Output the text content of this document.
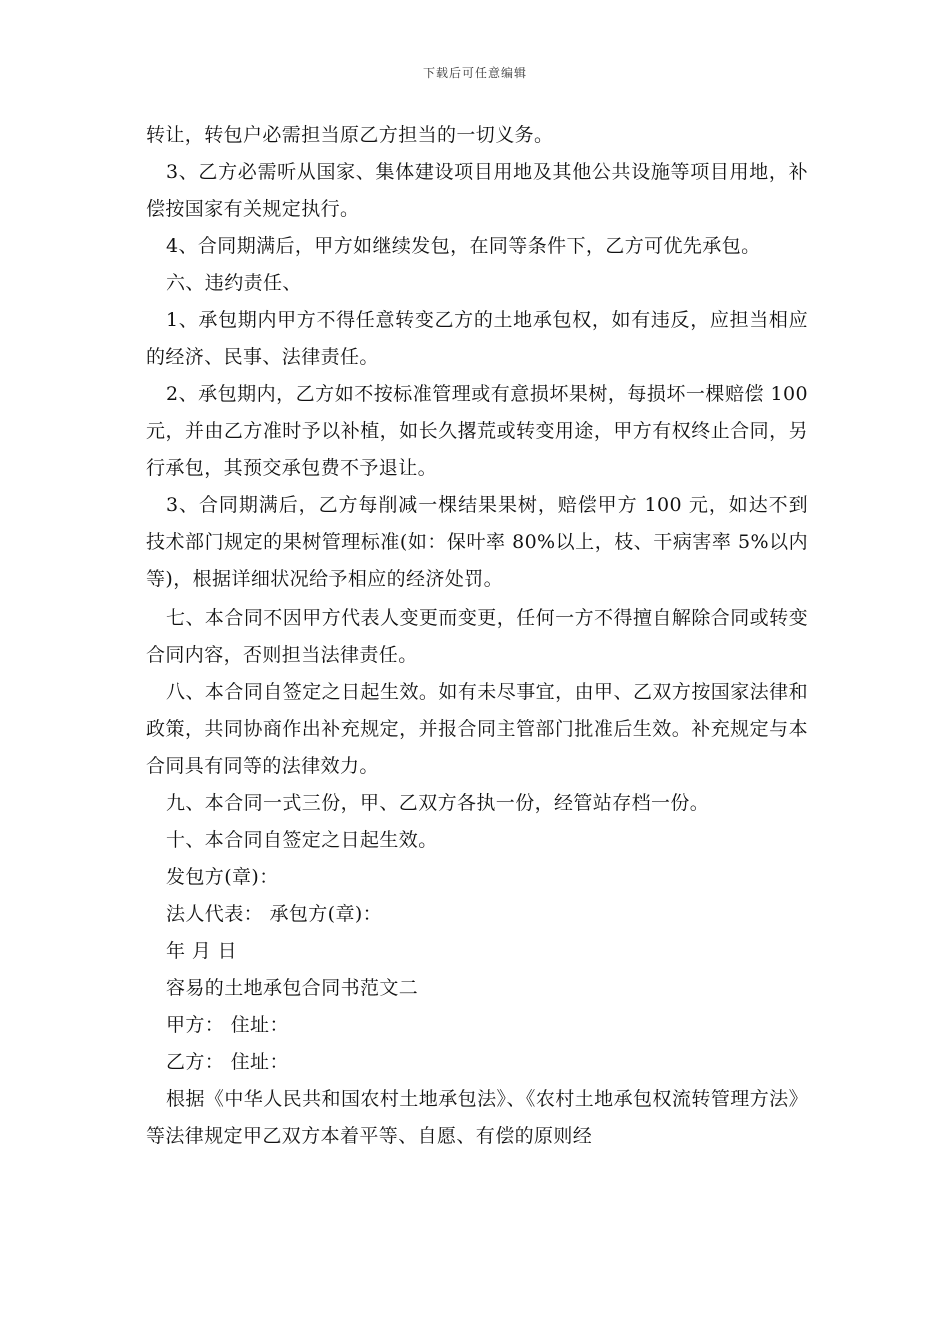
下载后可任意编辑

转让，转包户必需担当原乙方担当的一切义务。

3、乙方必需听从国家、集体建设项目用地及其他公共设施等项目用地，补偿按国家有关规定执行。

4、合同期满后，甲方如继续发包，在同等条件下，乙方可优先承包。

六、违约责任、

1、承包期内甲方不得任意转变乙方的土地承包权，如有违反，应担当相应的经济、民事、法律责任。

2、承包期内，乙方如不按标准管理或有意损坏果树，每损坏一棵赔偿 100 元，并由乙方准时予以补植，如长久撂荒或转变用途，甲方有权终止合同，另行承包，其预交承包费不予退让。

3、合同期满后，乙方每削减一棵结果果树，赔偿甲方 100 元，如达不到技术部门规定的果树管理标准(如：保叶率 80%以上，枝、干病害率 5%以内等)，根据详细状况给予相应的经济处罚。

七、本合同不因甲方代表人变更而变更，任何一方不得擅自解除合同或转变合同内容，否则担当法律责任。

八、本合同自签定之日起生效。如有未尽事宜，由甲、乙双方按国家法律和政策，共同协商作出补充规定，并报合同主管部门批准后生效。补充规定与本合同具有同等的法律效力。

九、本合同一式三份，甲、乙双方各执一份，经管站存档一份。

十、本合同自签定之日起生效。

发包方(章)：

法人代表： 承包方(章)：

年 月 日

容易的土地承包合同书范文二

甲方： 住址：

乙方： 住址：

根据《中华人民共和国农村土地承包法》、《农村土地承包权流转管理方法》等法律规定甲乙双方本着平等、自愿、有偿的原则经
